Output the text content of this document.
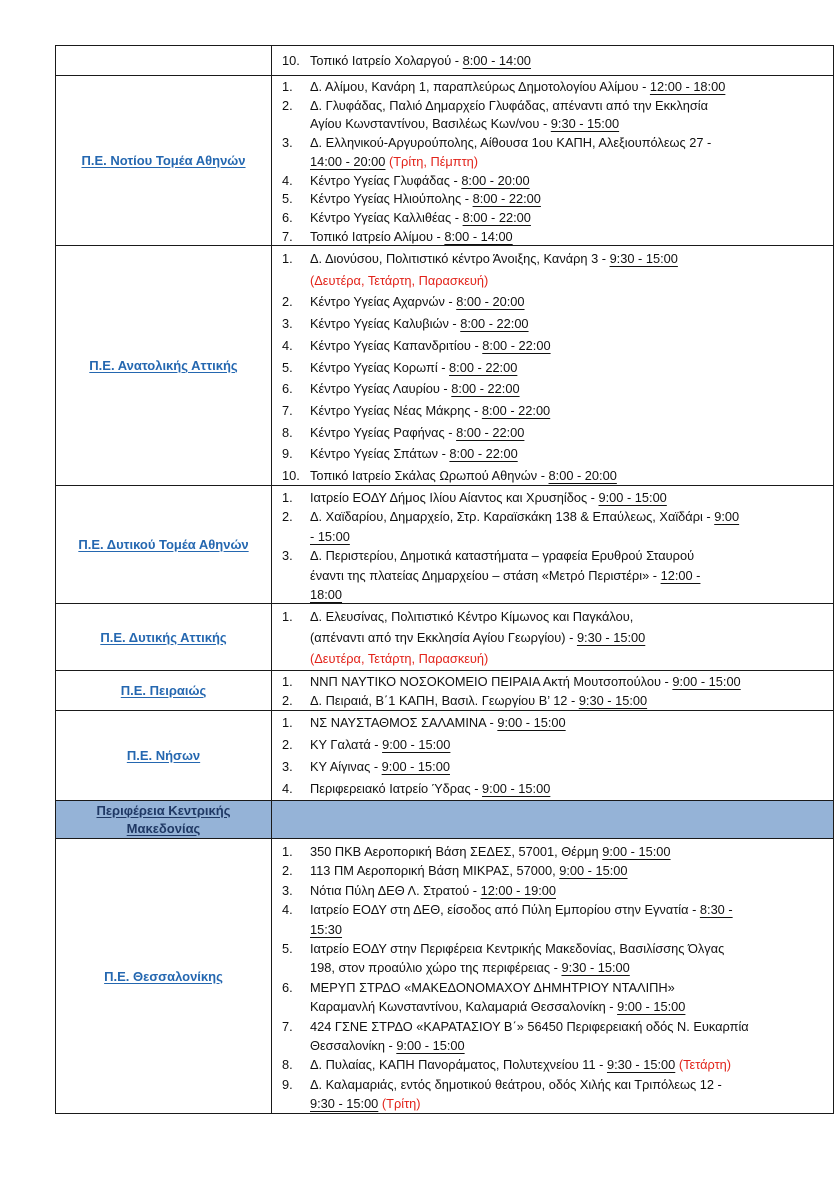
10. Τοπικό Ιατρείο Χολαργού - 8:00 - 14:00
Π.Ε. Νοτίου Τομέα Αθηνών
1. Δ. Αλίμου, Κανάρη 1, παραπλεύρως Δημοτολογίου Αλίμου - 12:00 - 18:00
2. Δ. Γλυφάδας, Παλιό Δημαρχείο Γλυφάδας, απέναντι από την Εκκλησία
Αγίου Κωνσταντίνου, Βασιλέως Κων/νου - 9:30 - 15:00
3. Δ. Ελληνικού-Αργυρούπολης, Αίθουσα 1ου ΚΑΠΗ, Αλεξιουπόλεως 27 -
14:00 - 20:00 (Τρίτη, Πέμπτη)
4. Κέντρο Υγείας Γλυφάδας - 8:00 - 20:00
5. Κέντρο Υγείας Ηλιούπολης - 8:00 - 22:00
6. Κέντρο Υγείας Καλλιθέας - 8:00 - 22:00
7. Τοπικό Ιατρείο Αλίμου - 8:00 - 14:00
Π.Ε. Ανατολικής Αττικής
1. Δ. Διονύσου, Πολιτιστικό κέντρο Άνοιξης, Κανάρη 3 - 9:30 - 15:00
(Δευτέρα, Τετάρτη, Παρασκευή)
2. Κέντρο Υγείας Αχαρνών - 8:00 - 20:00
3. Κέντρο Υγείας Καλυβιών - 8:00 - 22:00
4. Κέντρο Υγείας Καπανδριτίου - 8:00 - 22:00
5. Κέντρο Υγείας Κορωπί - 8:00 - 22:00
6. Κέντρο Υγείας Λαυρίου - 8:00 - 22:00
7. Κέντρο Υγείας Νέας Μάκρης - 8:00 - 22:00
8. Κέντρο Υγείας Ραφήνας - 8:00 - 22:00
9. Κέντρο Υγείας Σπάτων - 8:00 - 22:00
10. Τοπικό Ιατρείο Σκάλας Ωρωπού Αθηνών - 8:00 - 20:00
Π.Ε. Δυτικού Τομέα Αθηνών
1. Ιατρείο ΕΟΔΥ Δήμος Ιλίου Αίαντος και Χρυσηίδος - 9:00 - 15:00
2. Δ. Χαϊδαρίου, Δημαρχείο, Στρ. Καραϊσκάκη 138 & Επαύλεως, Χαϊδάρι - 9:00
- 15:00
3. Δ. Περιστερίου, Δημοτικά καταστήματα – γραφεία Ερυθρού Σταυρού
έναντι της πλατείας Δημαρχείου – στάση «Μετρό Περιστέρι» - 12:00 -
18:00
Π.Ε. Δυτικής Αττικής
1. Δ. Ελευσίνας, Πολιτιστικό Κέντρο Κίμωνος και Παγκάλου,
(απέναντι από την Εκκλησία Αγίου Γεωργίου) - 9:30 - 15:00
(Δευτέρα, Τετάρτη, Παρασκευή)
Π.Ε. Πειραιώς
1. ΝΝΠ ΝΑΥΤΙΚΟ ΝΟΣΟΚΟΜΕΙΟ ΠΕΙΡΑΙΑ Ακτή Μουτσοπούλου - 9:00 - 15:00
2. Δ. Πειραιά, Β΄1 ΚΑΠΗ, Βασιλ. Γεωργίου Β’ 12 - 9:30 - 15:00
Π.Ε. Νήσων
1. ΝΣ ΝΑΥΣΤΑΘΜΟΣ ΣΑΛΑΜΙΝΑ - 9:00 - 15:00
2. ΚΥ Γαλατά - 9:00 - 15:00
3. ΚΥ Αίγινας - 9:00 - 15:00
4. Περιφερειακό Ιατρείο Ύδρας - 9:00 - 15:00
Περιφέρεια Κεντρικής Μακεδονίας
Π.Ε. Θεσσαλονίκης
1. 350 ΠΚΒ Αεροπορική Βάση ΣΕΔΕΣ, 57001, Θέρμη 9:00 - 15:00
2. 113 ΠΜ Αεροπορική Βάση ΜΙΚΡΑΣ, 57000, 9:00 - 15:00
3. Νότια Πύλη ΔΕΘ Λ. Στρατού - 12:00 - 19:00
4. Ιατρείο ΕΟΔΥ στη ΔΕΘ, είσοδος από Πύλη Εμπορίου στην Εγνατία - 8:30 -
15:30
5. Ιατρείο ΕΟΔΥ στην Περιφέρεια Κεντρικής Μακεδονίας, Βασιλίσσης Όλγας
198, στον προαύλιο χώρο της περιφέρειας - 9:30 - 15:00
6. ΜΕΡΥΠ ΣΤΡΔΟ «ΜΑΚΕΔΟΝΟΜΑΧΟΥ ΔΗΜΗΤΡΙΟΥ ΝΤΑΛΙΠΗ»
Καραμανλή Κωνσταντίνου, Καλαμαριά Θεσσαλονίκη - 9:00 - 15:00
7. 424 ΓΣΝΕ ΣΤΡΔΟ «ΚΑΡΑΤΑΣΙΟΥ Β΄» 56450 Περιφερειακή οδός Ν. Ευκαρπία
Θεσσαλονίκη - 9:00 - 15:00
8. Δ. Πυλαίας, ΚΑΠΗ Πανοράματος, Πολυτεχνείου 11 - 9:30 - 15:00 (Τετάρτη)
9. Δ. Καλαμαριάς, εντός δημοτικού θεάτρου, οδός Χιλής και Τριπόλεως 12 -
9:30 - 15:00 (Τρίτη)
